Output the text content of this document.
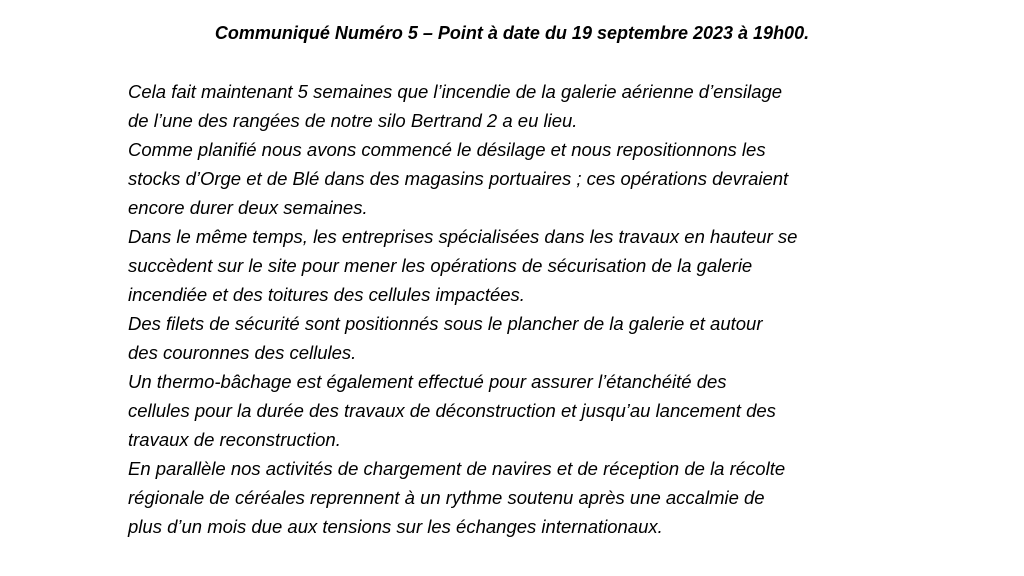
Communiqué Numéro 5 – Point à date du 19 septembre 2023 à 19h00.
Cela fait maintenant 5 semaines que l’incendie de la galerie aérienne d’ensilage
de l’une des rangées de notre silo Bertrand 2 a eu lieu.
Comme planifié nous avons commencé le désilage et nous repositionnons les
stocks d’Orge et de Blé dans des magasins portuaires ; ces opérations devraient
encore durer deux semaines.
Dans le même temps, les entreprises spécialisées dans les travaux en hauteur se
succèdent sur le site pour mener les opérations de sécurisation de la galerie
incendiée et des toitures des cellules impactées.
Des filets de sécurité sont positionnés sous le plancher de la galerie et autour
des couronnes des cellules.
Un thermo-bâchage est également effectué pour assurer l’étanchéité des
cellules pour la durée des travaux de déconstruction et jusqu’au lancement des
travaux de reconstruction.
En parallèle nos activités de chargement de navires et de réception de la récolte
régionale de céréales reprennent à un rythme soutenu après une accalmie de
plus d’un mois due aux tensions sur les échanges internationaux.
